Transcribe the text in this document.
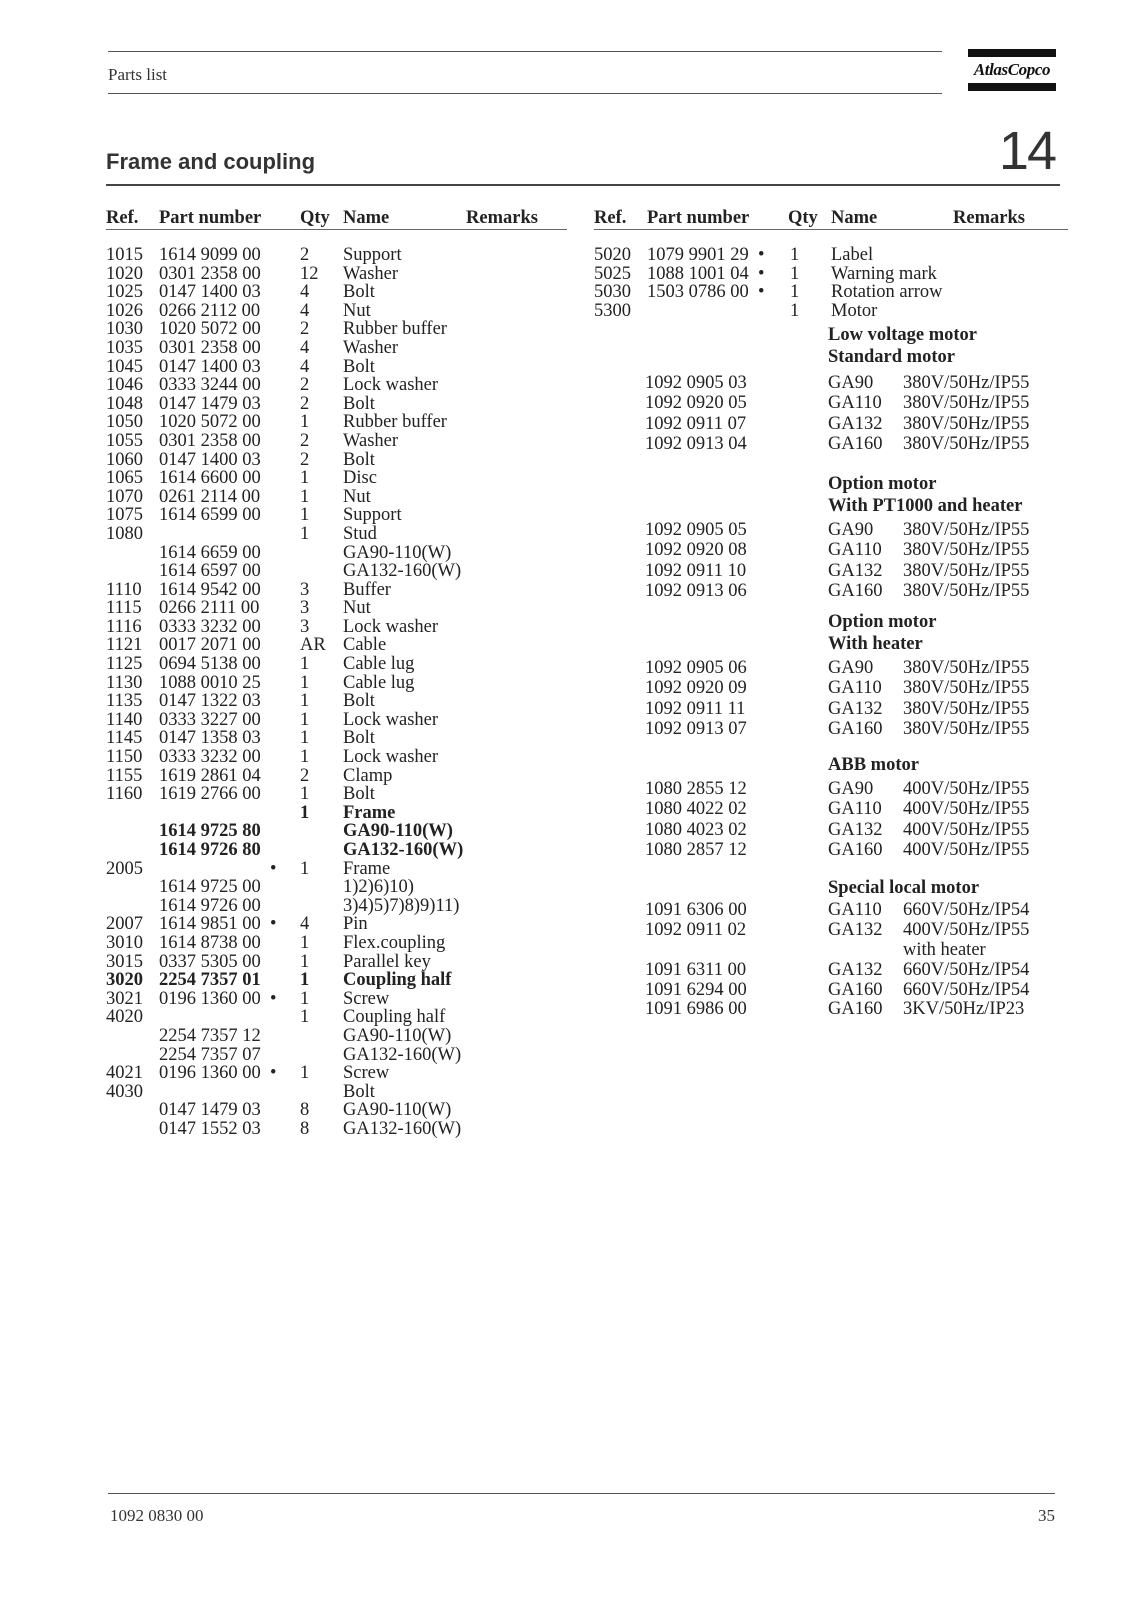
Parts list	AtlasCopco
Frame and coupling	14
Ref. Part number Qty Name	Remarks	Ref. Part number Qty Name	Remarks
1015 1614 9099 00 2 Support
1020 0301 2358 00 12 Washer
1025 0147 1400 03 4 Bolt
1026 0266 2112 00 4 Nut
1030 1020 5072 00 2 Rubber buffer
1035 0301 2358 00 4 Washer
1045 0147 1400 03 4 Bolt
1046 0333 3244 00 2 Lock washer
1048 0147 1479 03 2 Bolt
1050 1020 5072 00 1 Rubber buffer
1055 0301 2358 00 2 Washer
1060 0147 1400 03 2 Bolt
1065 1614 6600 00 1 Disc
1070 0261 2114 00 1 Nut
1075 1614 6599 00 1 Support
1080	1 Stud
1614 6659 00	GA90-110(W)
1614 6597 00	GA132-160(W)
1110 1614 9542 00 3 Buffer
1115 0266 2111 00 3 Nut
1116 0333 3232 00 3 Lock washer
1121 0017 2071 00 AR Cable
1125 0694 5138 00 1 Cable lug
1130 1088 0010 25 1 Cable lug
1135 0147 1322 03 1 Bolt
1140 0333 3227 00 1 Lock washer
1145 0147 1358 03 1 Bolt
1150 0333 3232 00 1 Lock washer
1155 1619 2861 04 2 Clamp
1160 1619 2766 00 1 Bolt
1 Frame
1614 9725 80	GA90-110(W)
1614 9726 80	GA132-160(W)
2005	• 1 Frame
1614 9725 00	1)2)6)10)
1614 9726 00	3)4)5)7)8)9)11)
2007 1614 9851 00 • 4 Pin
3010 1614 8738 00 1 Flex.coupling
3015 0337 5305 00 1 Parallel key
3020 2254 7357 01 1 Coupling half
3021 0196 1360 00 • 1 Screw
4020	1 Coupling half
2254 7357 12	GA90-110(W)
2254 7357 07	GA132-160(W)
4021 0196 1360 00 • 1 Screw
4030	Bolt
0147 1479 03 8 GA90-110(W)
0147 1552 03 8 GA132-160(W)
5020 1079 9901 29 • 1 Label
5025 1088 1001 04 • 1 Warning mark
5030 1503 0786 00 • 1 Rotation arrow
5300	1 Motor
Low voltage motor
Standard motor
1092 0905 03	GA90 380V/50Hz/IP55
1092 0920 05	GA110 380V/50Hz/IP55
1092 0911 07	GA132 380V/50Hz/IP55
1092 0913 04	GA160 380V/50Hz/IP55
Option motor
With PT1000 and heater
1092 0905 05	GA90 380V/50Hz/IP55
1092 0920 08	GA110 380V/50Hz/IP55
1092 0911 10	GA132 380V/50Hz/IP55
1092 0913 06	GA160 380V/50Hz/IP55
Option motor
With heater
1092 0905 06	GA90 380V/50Hz/IP55
1092 0920 09	GA110 380V/50Hz/IP55
1092 0911 11	GA132 380V/50Hz/IP55
1092 0913 07	GA160 380V/50Hz/IP55
ABB motor
1080 2855 12	GA90 400V/50Hz/IP55
1080 4022 02	GA110 400V/50Hz/IP55
1080 4023 02	GA132 400V/50Hz/IP55
1080 2857 12	GA160 400V/50Hz/IP55
Special local motor
1091 6306 00	GA110 660V/50Hz/IP54
1092 0911 02	GA132 400V/50Hz/IP55
with heater
1091 6311 00	GA132 660V/50Hz/IP54
1091 6294 00	GA160 660V/50Hz/IP54
1091 6986 00	GA160 3KV/50Hz/IP23
1092 0830 00	35
